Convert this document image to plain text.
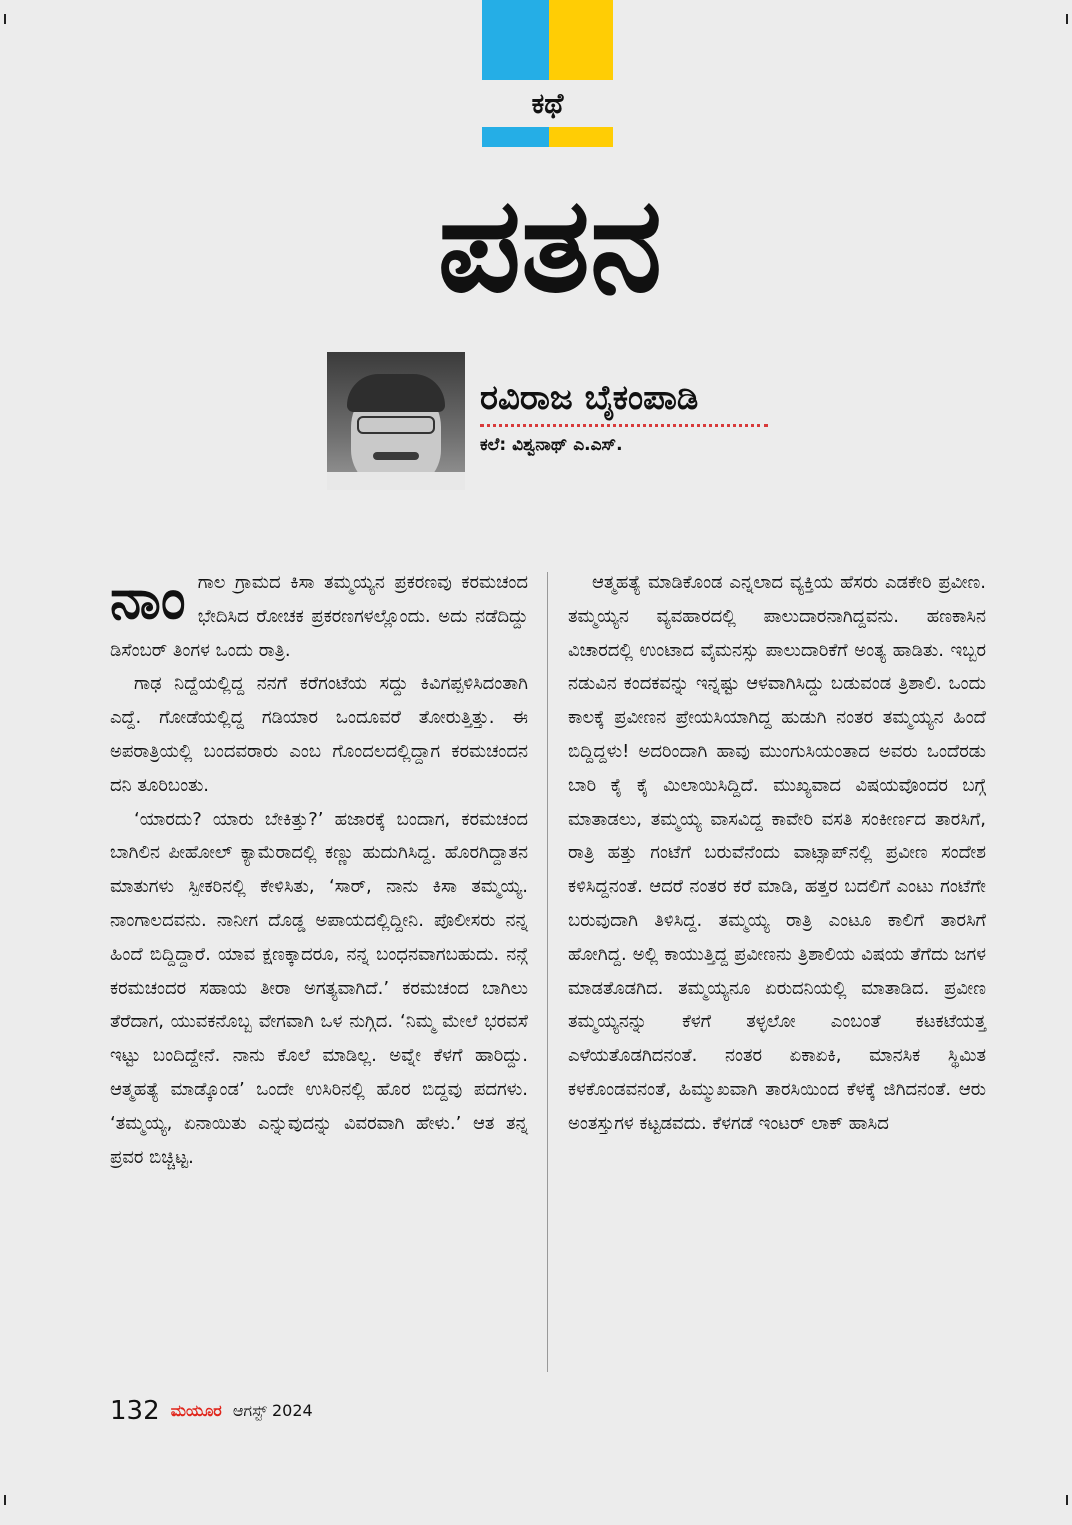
ಕಥೆ
ಪತನ
ರವಿರಾಜ ಬೈಕಂಪಾಡಿ
ಕಲೆ: ವಿಶ್ವನಾಥ್ ಎ.ಎಸ್.

ನಾಂಗಾಲ ಗ್ರಾಮದ ಕಿಸಾ ತಮ್ಮಯ್ಯನ ಪ್ರಕರಣವು ಕರಮಚಂದ ಭೇದಿಸಿದ ರೋಚಕ ಪ್ರಕರಣಗಳಲ್ಲೊಂದು. ಅದು ನಡೆದಿದ್ದು ಡಿಸೆಂಬರ್ ತಿಂಗಳ ಒಂದು ರಾತ್ರಿ.

ಗಾಢ ನಿದ್ದೆಯಲ್ಲಿದ್ದ ನನಗೆ ಕರೆಗಂಟೆಯ ಸದ್ದು ಕಿವಿಗಪ್ಪಳಿಸಿದಂತಾಗಿ ಎದ್ದೆ. ಗೋಡೆಯಲ್ಲಿದ್ದ ಗಡಿಯಾರ ಒಂದೂವರೆ ತೋರುತ್ತಿತ್ತು. ಈ ಅಪರಾತ್ರಿಯಲ್ಲಿ ಬಂದವರಾರು ಎಂಬ ಗೊಂದಲದಲ್ಲಿದ್ದಾಗ ಕರಮಚಂದನ ದನಿ ತೂರಿಬಂತು.

‘ಯಾರದು? ಯಾರು ಬೇಕಿತ್ತು?’ ಹಜಾರಕ್ಕೆ ಬಂದಾಗ, ಕರಮಚಂದ ಬಾಗಿಲಿನ ಪೀಹೋಲ್ ಕ್ಯಾಮೆರಾದಲ್ಲಿ ಕಣ್ಣು ಹುದುಗಿಸಿದ್ದ. ಹೊರಗಿದ್ದಾತನ ಮಾತುಗಳು ಸ್ಪೀಕರಿನಲ್ಲಿ ಕೇಳಿಸಿತು, ‘ಸಾರ್, ನಾನು ಕಿಸಾ ತಮ್ಮಯ್ಯ. ನಾಂಗಾಲದವನು. ನಾನೀಗ ದೊಡ್ಡ ಅಪಾಯದಲ್ಲಿದ್ದೀನಿ. ಪೊಲೀಸರು ನನ್ನ ಹಿಂದೆ ಬಿದ್ದಿದ್ದಾರೆ. ಯಾವ ಕ್ಷಣಕ್ಕಾದರೂ, ನನ್ನ ಬಂಧನವಾಗಬಹುದು. ನನ್ಗೆ ಕರಮಚಂದರ ಸಹಾಯ ತೀರಾ ಅಗತ್ಯವಾಗಿದೆ.’ ಕರಮಚಂದ ಬಾಗಿಲು ತೆರೆದಾಗ, ಯುವಕನೊಬ್ಬ ವೇಗವಾಗಿ ಒಳ ನುಗ್ಗಿದ. ‘ನಿಮ್ಮ ಮೇಲೆ ಭರವಸೆ ಇಟ್ಟು ಬಂದಿದ್ದೇನೆ. ನಾನು ಕೊಲೆ ಮಾಡಿಲ್ಲ. ಅವ್ನೇ ಕೆಳಗೆ ಹಾರಿದ್ದು. ಆತ್ಮಹತ್ಯೆ ಮಾಡ್ಕೊಂಡ’ ಒಂದೇ ಉಸಿರಿನಲ್ಲಿ ಹೊರ ಬಿದ್ದವು ಪದಗಳು. ‘ತಮ್ಮಯ್ಯ, ಏನಾಯಿತು ಎನ್ನುವುದನ್ನು ವಿವರವಾಗಿ ಹೇಳು.’ ಆತ ತನ್ನ ಪ್ರವರ ಬಿಚ್ಚಿಟ್ಟ.

ಆತ್ಮಹತ್ಯೆ ಮಾಡಿಕೊಂಡ ಎನ್ನಲಾದ ವ್ಯಕ್ತಿಯ ಹೆಸರು ಎಡಕೇರಿ ಪ್ರವೀಣ. ತಮ್ಮಯ್ಯನ ವ್ಯವಹಾರದಲ್ಲಿ ಪಾಲುದಾರನಾಗಿದ್ದವನು. ಹಣಕಾಸಿನ ವಿಚಾರದಲ್ಲಿ ಉಂಟಾದ ವೈಮನಸ್ಸು ಪಾಲುದಾರಿಕೆಗೆ ಅಂತ್ಯ ಹಾಡಿತು. ಇಬ್ಬರ ನಡುವಿನ ಕಂದಕವನ್ನು ಇನ್ನಷ್ಟು ಆಳವಾಗಿಸಿದ್ದು ಬಡುವಂಡ ತ್ರಿಶಾಲಿ. ಒಂದು ಕಾಲಕ್ಕೆ ಪ್ರವೀಣನ ಪ್ರೇಯಸಿಯಾಗಿದ್ದ ಹುಡುಗಿ ನಂತರ ತಮ್ಮಯ್ಯನ ಹಿಂದೆ ಬಿದ್ದಿದ್ದಳು! ಅದರಿಂದಾಗಿ ಹಾವು ಮುಂಗುಸಿಯಂತಾದ ಅವರು ಒಂದೆರಡು ಬಾರಿ ಕೈ ಕೈ ಮಿಲಾಯಿಸಿದ್ದಿದೆ. ಮುಖ್ಯವಾದ ವಿಷಯವೊಂದರ ಬಗ್ಗೆ ಮಾತಾಡಲು, ತಮ್ಮಯ್ಯ ವಾಸವಿದ್ದ ಕಾವೇರಿ ವಸತಿ ಸಂಕೀರ್ಣದ ತಾರಸಿಗೆ, ರಾತ್ರಿ ಹತ್ತು ಗಂಟೆಗೆ ಬರುವೆನೆಂದು ವಾಟ್ಸಾಪ್‌ನಲ್ಲಿ ಪ್ರವೀಣ ಸಂದೇಶ ಕಳಿಸಿದ್ದನಂತೆ. ಆದರೆ ನಂತರ ಕರೆ ಮಾಡಿ, ಹತ್ತರ ಬದಲಿಗೆ ಎಂಟು ಗಂಟೆಗೇ ಬರುವುದಾಗಿ ತಿಳಿಸಿದ್ದ. ತಮ್ಮಯ್ಯ ರಾತ್ರಿ ಎಂಟೂ ಕಾಲಿಗೆ ತಾರಸಿಗೆ ಹೋಗಿದ್ದ. ಅಲ್ಲಿ ಕಾಯುತ್ತಿದ್ದ ಪ್ರವೀಣನು ತ್ರಿಶಾಲಿಯ ವಿಷಯ ತೆಗೆದು ಜಗಳ ಮಾಡತೊಡಗಿದ. ತಮ್ಮಯ್ಯನೂ ಏರುದನಿಯಲ್ಲಿ ಮಾತಾಡಿದ. ಪ್ರವೀಣ ತಮ್ಮಯ್ಯನನ್ನು ಕೆಳಗೆ ತಳ್ಳಲೋ ಎಂಬಂತೆ ಕಟಕಟೆಯತ್ತ ಎಳೆಯತೊಡಗಿದನಂತೆ. ನಂತರ ಏಕಾಏಕಿ, ಮಾನಸಿಕ ಸ್ಥಿಮಿತ ಕಳಕೊಂಡವನಂತೆ, ಹಿಮ್ಮುಖವಾಗಿ ತಾರಸಿಯಿಂದ ಕೆಳಕ್ಕೆ ಜಿಗಿದನಂತೆ. ಆರು ಅಂತಸ್ತುಗಳ ಕಟ್ಟಡವದು. ಕೆಳಗಡೆ ಇಂಟರ್ ಲಾಕ್ ಹಾಸಿದ

132 ಮಯೂರ ಆಗಸ್ಟ್ 2024
